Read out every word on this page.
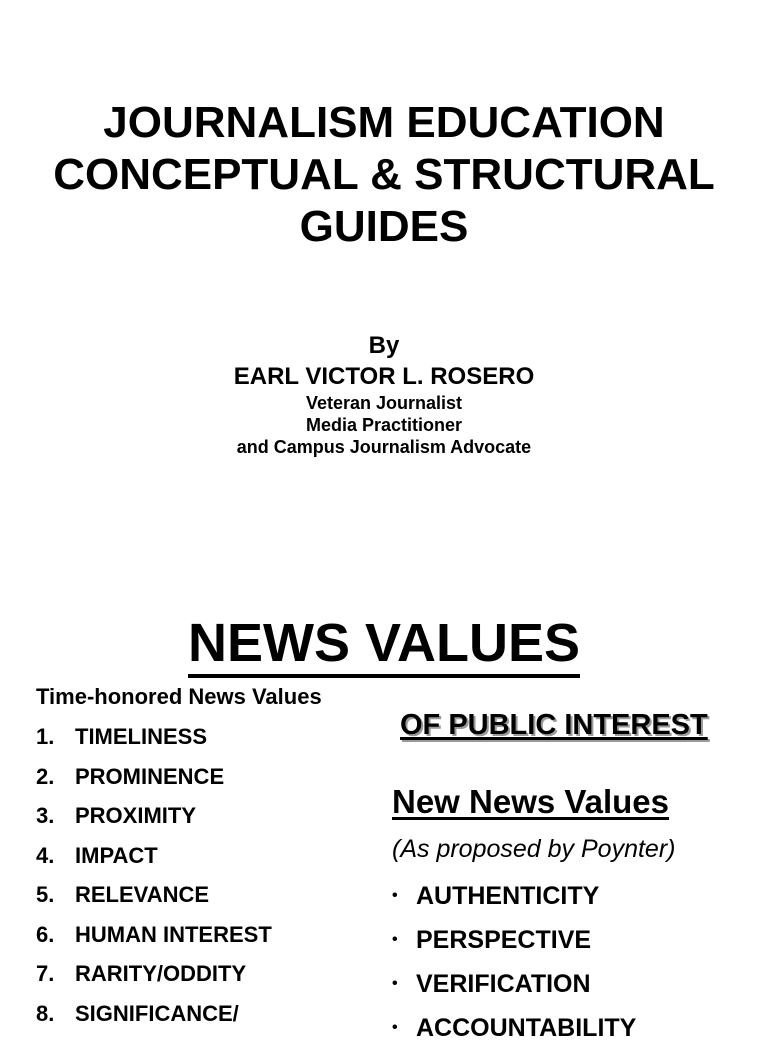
JOURNALISM EDUCATION
CONCEPTUAL & STRUCTURAL
GUIDES
By
EARL VICTOR L. ROSERO
Veteran Journalist
Media Practitioner
and Campus Journalism Advocate
NEWS VALUES
Time-honored News Values
1. TIMELINESS
2. PROMINENCE
3. PROXIMITY
4. IMPACT
5. RELEVANCE
6. HUMAN INTEREST
7. RARITY/ODDITY
8. SIGNIFICANCE/
OF PUBLIC INTEREST
New News Values
(As proposed by Poynter)
• AUTHENTICITY
• PERSPECTIVE
• VERIFICATION
• ACCOUNTABILITY
